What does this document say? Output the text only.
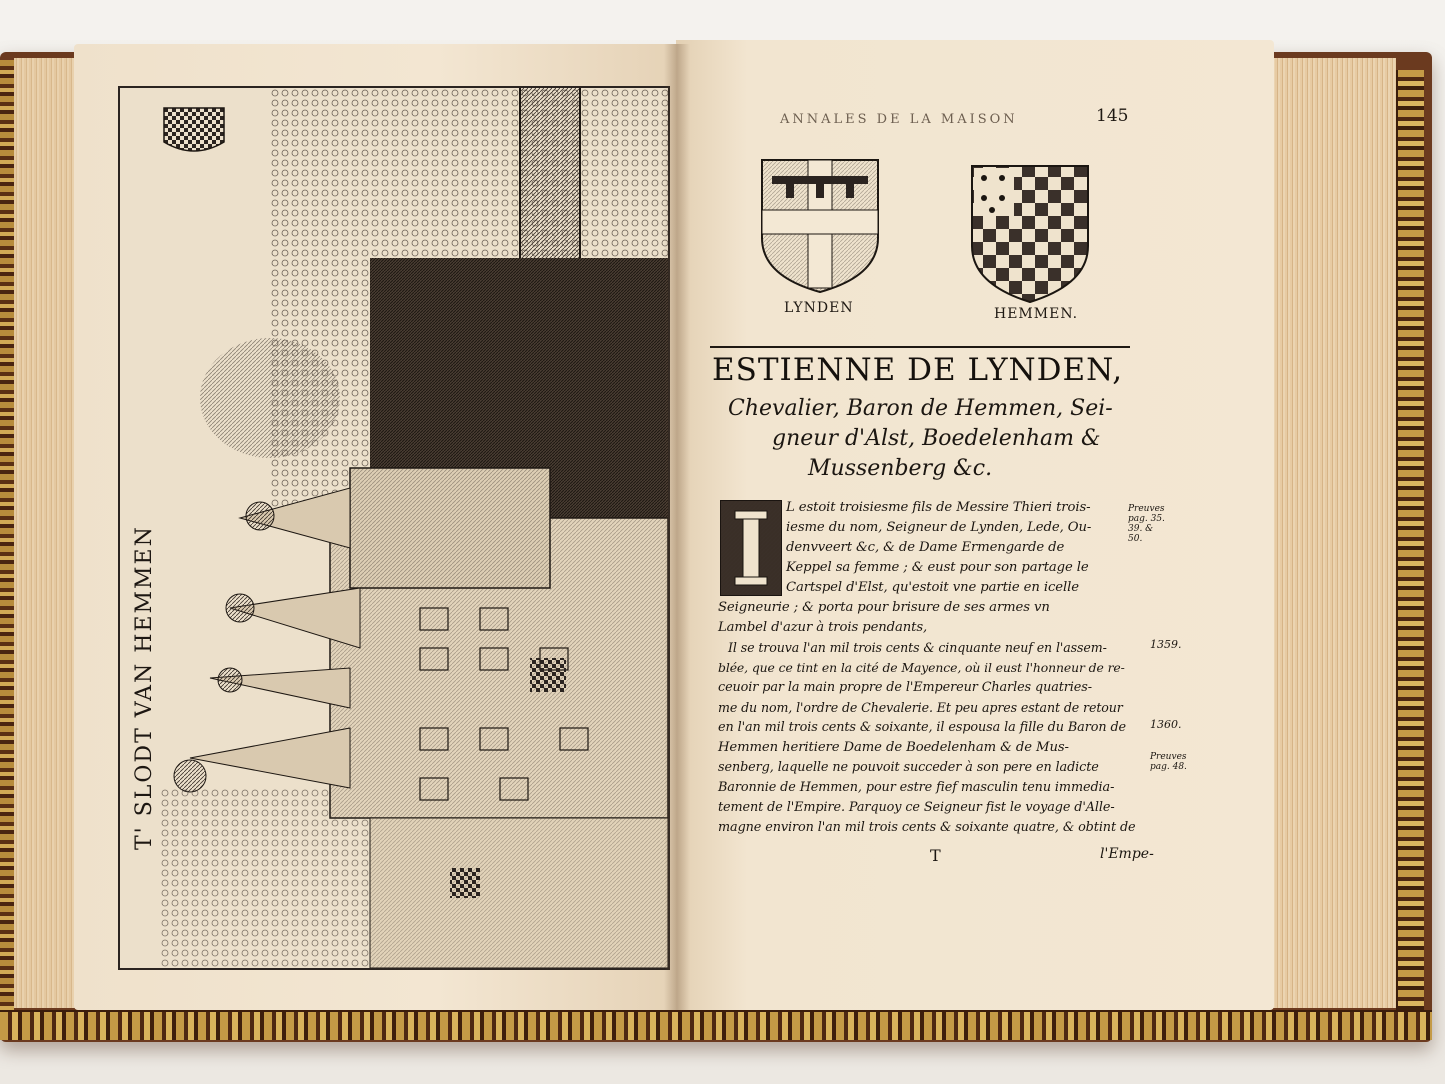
T' SLODT VAN HEMMEN
ANNALES DE LA MAISON	145
LYNDEN	HEMMEN.
ESTIENNE DE LYNDEN,
Chevalier, Baron de Hemmen, Sei-
gneur d'Alst, Boedelenham &
Mussenberg &c.
L estoit troisiesme fils de Messire Thieri trois-
iesme du nom, Seigneur de Lynden, Lede, Ou-
denvveert &c, & de Dame Ermengarde de
Keppel sa femme ; & eust pour son partage le
Cartspel d'Elst, qu'estoit vne partie en icelle
Seigneurie ; & porta pour brisure de ses armes vn
Lambel d'azur à trois pendants,
Il se trouva l'an mil trois cents & cinquante neuf en l'assem-
blée, que ce tint en la cité de Mayence, où il eust l'honneur de re-
ceuoir par la main propre de l'Empereur Charles quatries-
me du nom, l'ordre de Chevalerie. Et peu apres estant de retour
en l'an mil trois cents & soixante, il espousa la fille du Baron de
Hemmen heritiere Dame de Boedelenham & de Mus-
senberg, laquelle ne pouvoit succeder à son pere en ladicte
Baronnie de Hemmen, pour estre fief masculin tenu immedia-
tement de l'Empire. Parquoy ce Seigneur fist le voyage d'Alle-
magne environ l'an mil trois cents & soixante quatre, & obtint de
Preuves pag. 35. 39. & 50.
1359.
1360.
Preuves pag. 48.
T	l'Empe-
